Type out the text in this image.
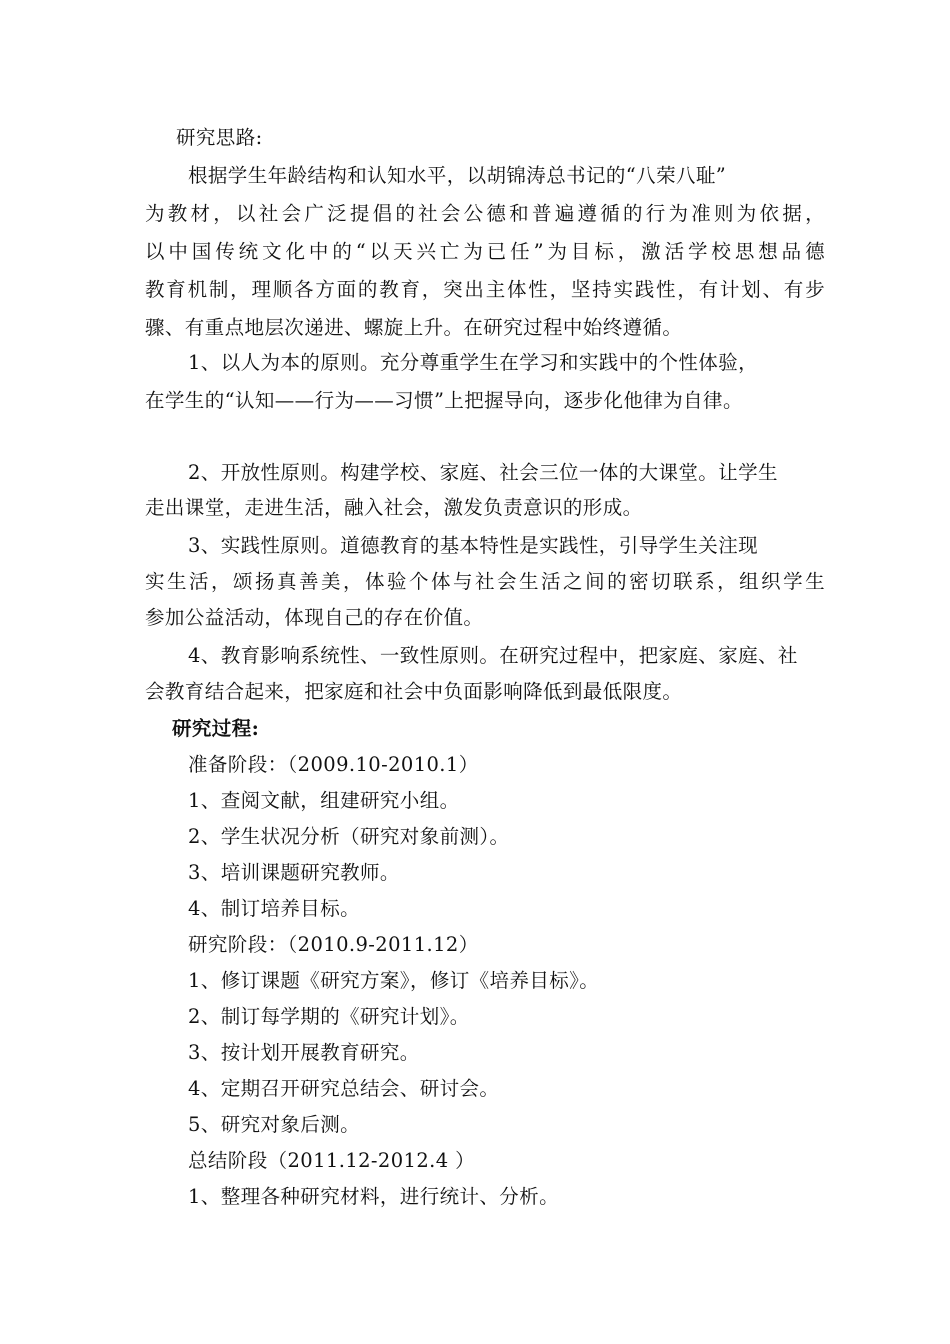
研究思路:
根据学生年龄结构和认知水平，以胡锦涛总书记的“八荣八耻”
为教材，以社会广泛提倡的社会公德和普遍遵循的行为准则为依据，
以中国传统文化中的“以天兴亡为已任”为目标，激活学校思想品德
教育机制，理顺各方面的教育，突出主体性，坚持实践性，有计划、有步
骤、有重点地层次递进、螺旋上升。在研究过程中始终遵循。
1、以人为本的原则。充分尊重学生在学习和实践中的个性体验，
在学生的“认知——行为——习惯”上把握导向，逐步化他律为自律。
2、开放性原则。构建学校、家庭、社会三位一体的大课堂。让学生
走出课堂，走进生活，融入社会，激发负责意识的形成。
3、实践性原则。道德教育的基本特性是实践性，引导学生关注现
实生活，颂扬真善美，体验个体与社会生活之间的密切联系，组织学生
参加公益活动，体现自己的存在价值。
4、教育影响系统性、一致性原则。在研究过程中，把家庭、家庭、社
会教育结合起来，把家庭和社会中负面影响降低到最低限度。
研究过程:
准备阶段：（2009.10-2010.1）
1、查阅文献，组建研究小组。
2、学生状况分析（研究对象前测）。
3、培训课题研究教师。
4、制订培养目标。
研究阶段：（2010.9-2011.12）
1、修订课题《研究方案》，修订《培养目标》。
2、制订每学期的《研究计划》。
3、按计划开展教育研究。
4、定期召开研究总结会、研讨会。
5、研究对象后测。
总结阶段（2011.12-2012.4 ）
1、整理各种研究材料，进行统计、分析。
